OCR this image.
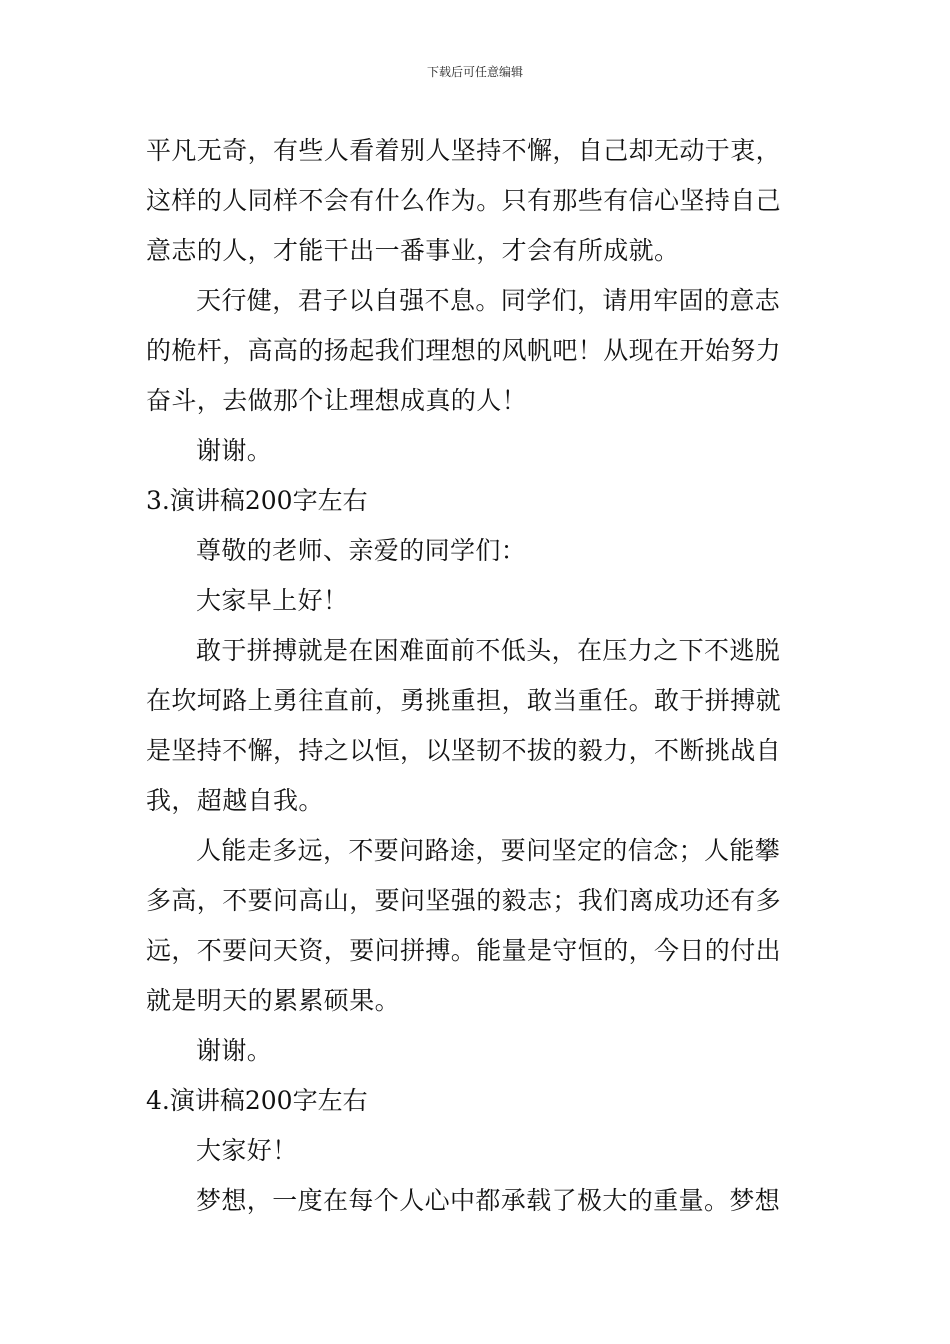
下载后可任意编辑
平凡无奇，有些人看着别人坚持不懈，自己却无动于衷，
这样的人同样不会有什么作为。只有那些有信心坚持自己
意志的人，才能干出一番事业，才会有所成就。
天行健，君子以自强不息。同学们，请用牢固的意志
的桅杆，高高的扬起我们理想的风帆吧！从现在开始努力
奋斗，去做那个让理想成真的人！
谢谢。
3.演讲稿200字左右
尊敬的老师、亲爱的同学们：
大家早上好！
敢于拼搏就是在困难面前不低头，在压力之下不逃脱
在坎坷路上勇往直前，勇挑重担，敢当重任。敢于拼搏就
是坚持不懈，持之以恒，以坚韧不拔的毅力，不断挑战自
我，超越自我。
人能走多远，不要问路途，要问坚定的信念；人能攀
多高，不要问高山，要问坚强的毅志；我们离成功还有多
远，不要问天资，要问拼搏。能量是守恒的，今日的付出
就是明天的累累硕果。
谢谢。
4.演讲稿200字左右
大家好！
梦想，一度在每个人心中都承载了极大的重量。梦想
